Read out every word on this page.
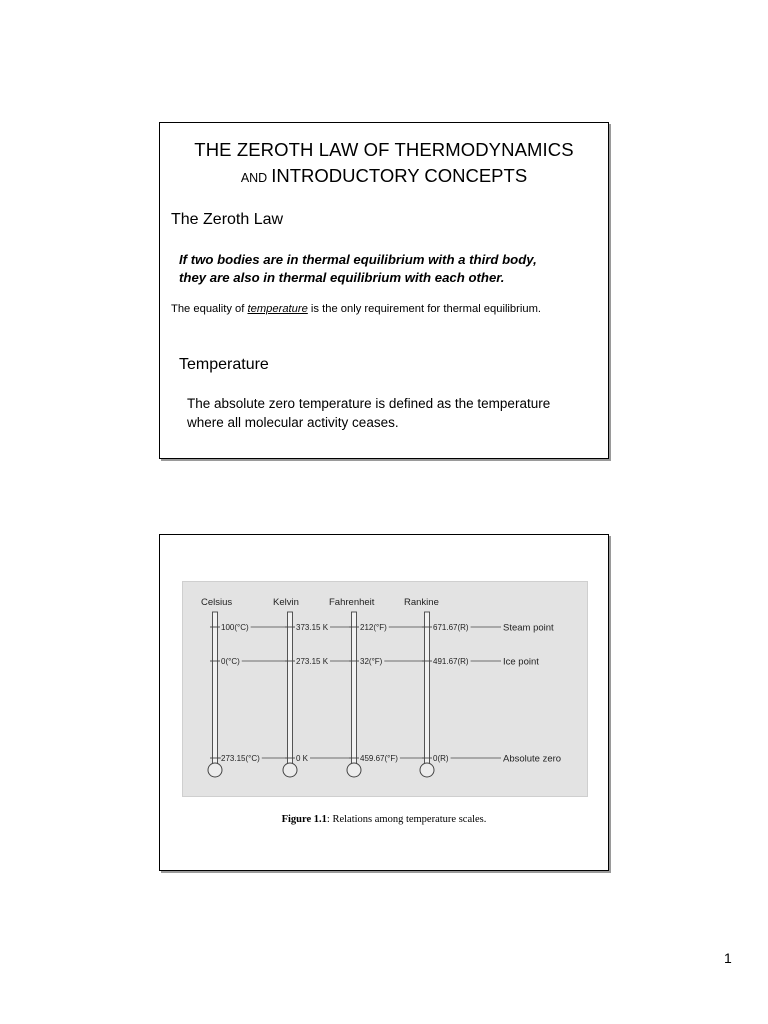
THE ZEROTH LAW OF THERMODYNAMICS
AND INTRODUCTORY CONCEPTS
The Zeroth Law
If two bodies are in thermal equilibrium with a third body,
they are also in thermal equilibrium with each other.
The equality of temperature is the only requirement for thermal equilibrium.
Temperature
The absolute zero temperature is defined as the temperature
where all molecular activity ceases.
Celsius	Kelvin	Fahrenheit	Rankine
100(°C)	373.15 K	212(°F)	671.67(R)	Steam point
0(°C)	273.15 K	32(°F)	491.67(R)	Ice point
273.15(°C)	0 K	459.67(°F)	0(R)	Absolute zero
Figure 1.1: Relations among temperature scales.
1
